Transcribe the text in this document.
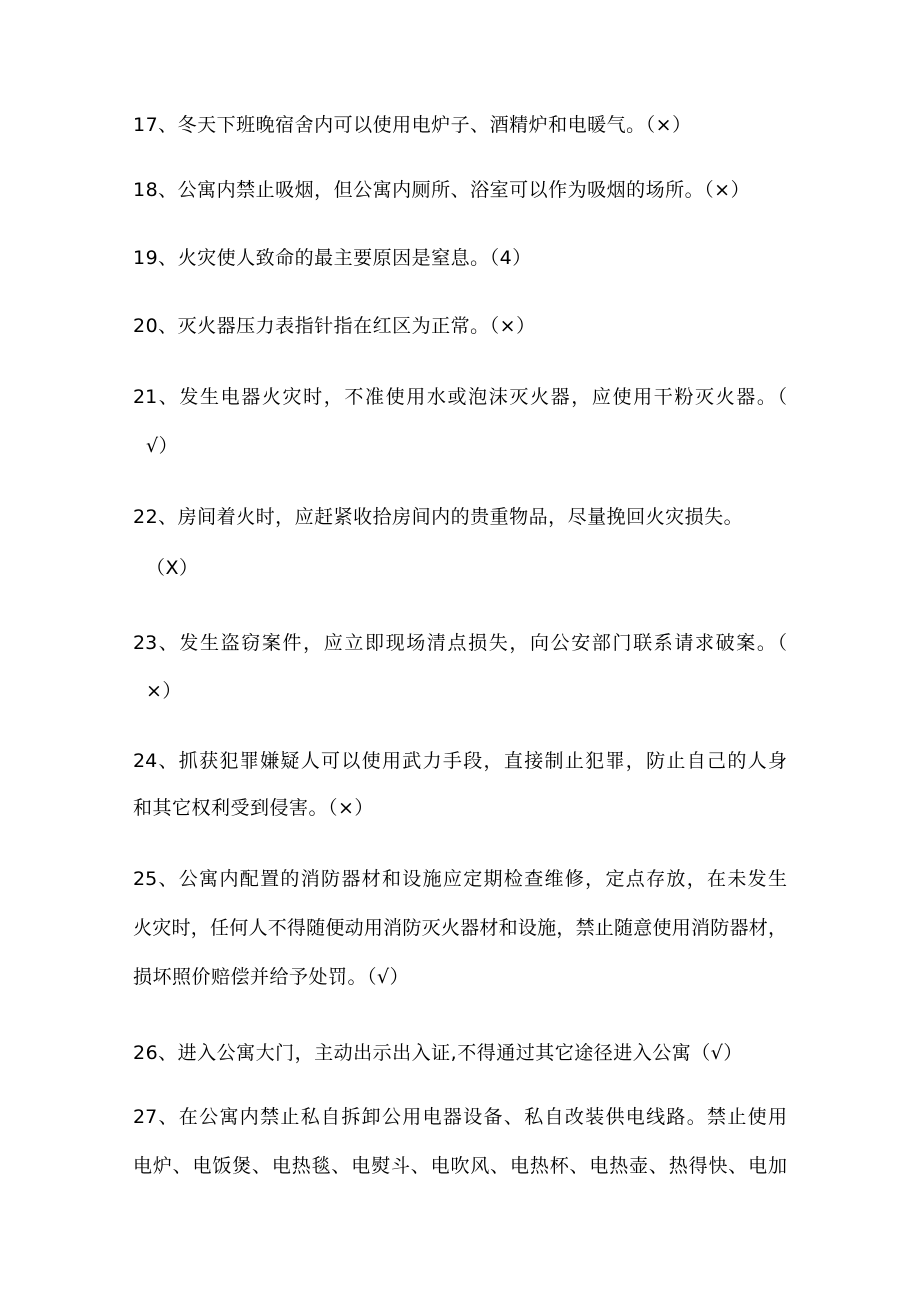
17、冬天下班晚宿舍内可以使用电炉子、酒精炉和电暖气。（×）
18、公寓内禁止吸烟，但公寓内厕所、浴室可以作为吸烟的场所。（×）
19、火灾使人致命的最主要原因是窒息。（4）
20、灭火器压力表指针指在红区为正常。（×）
21、发生电器火灾时，不准使用水或泡沫灭火器，应使用干粉灭火器。（
√）
22、房间着火时，应赶紧收拾房间内的贵重物品，尽量挽回火灾损失。
（X）
23、发生盗窃案件，应立即现场清点损失，向公安部门联系请求破案。（
×）
24、抓获犯罪嫌疑人可以使用武力手段，直接制止犯罪，防止自己的人身
和其它权利受到侵害。（×）
25、公寓内配置的消防器材和设施应定期检查维修，定点存放，在未发生
火灾时，任何人不得随便动用消防灭火器材和设施，禁止随意使用消防器材，
损坏照价赔偿并给予处罚。（√）
26、进入公寓大门，主动出示出入证,不得通过其它途径进入公寓（√）
27、在公寓内禁止私自拆卸公用电器设备、私自改装供电线路。禁止使用
电炉、电饭煲、电热毯、电熨斗、电吹风、电热杯、电热壶、热得快、电加
